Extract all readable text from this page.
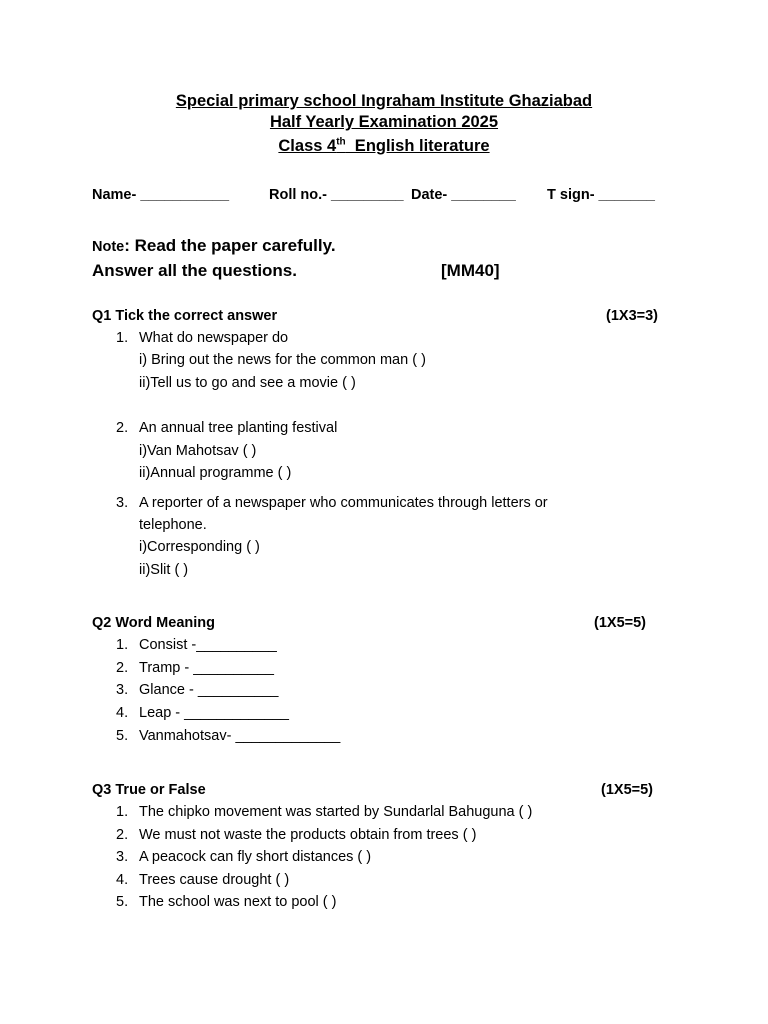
Special primary school Ingraham Institute Ghaziabad
Half Yearly Examination 2025
Class 4th  English literature
Name- ___________	Roll no.- _________ Date- ________	T sign- _______
Note: Read the paper carefully.
Answer all the questions.	[MM40]
Q1 Tick the correct answer	(1X3=3)
1. What do newspaper do
i) Bring out the news for the common man ( )
ii)Tell us to go and see a movie ( )
2. An annual tree planting festival
i)Van Mahotsav ( )
ii)Annual programme ( )
3. A reporter of a newspaper who communicates through letters or
telephone.
i)Corresponding ( )
ii)Slit ( )
Q2 Word Meaning	(1X5=5)
1. Consist -__________
2. Tramp - __________
3. Glance - __________
4. Leap - _____________
5. Vanmahotsav- _____________
Q3 True or False	(1X5=5)
1. The chipko movement was started by Sundarlal Bahuguna ( )
2. We must not waste the products obtain from trees ( )
3. A peacock can fly short distances ( )
4. Trees cause drought ( )
5. The school was next to pool ( )
